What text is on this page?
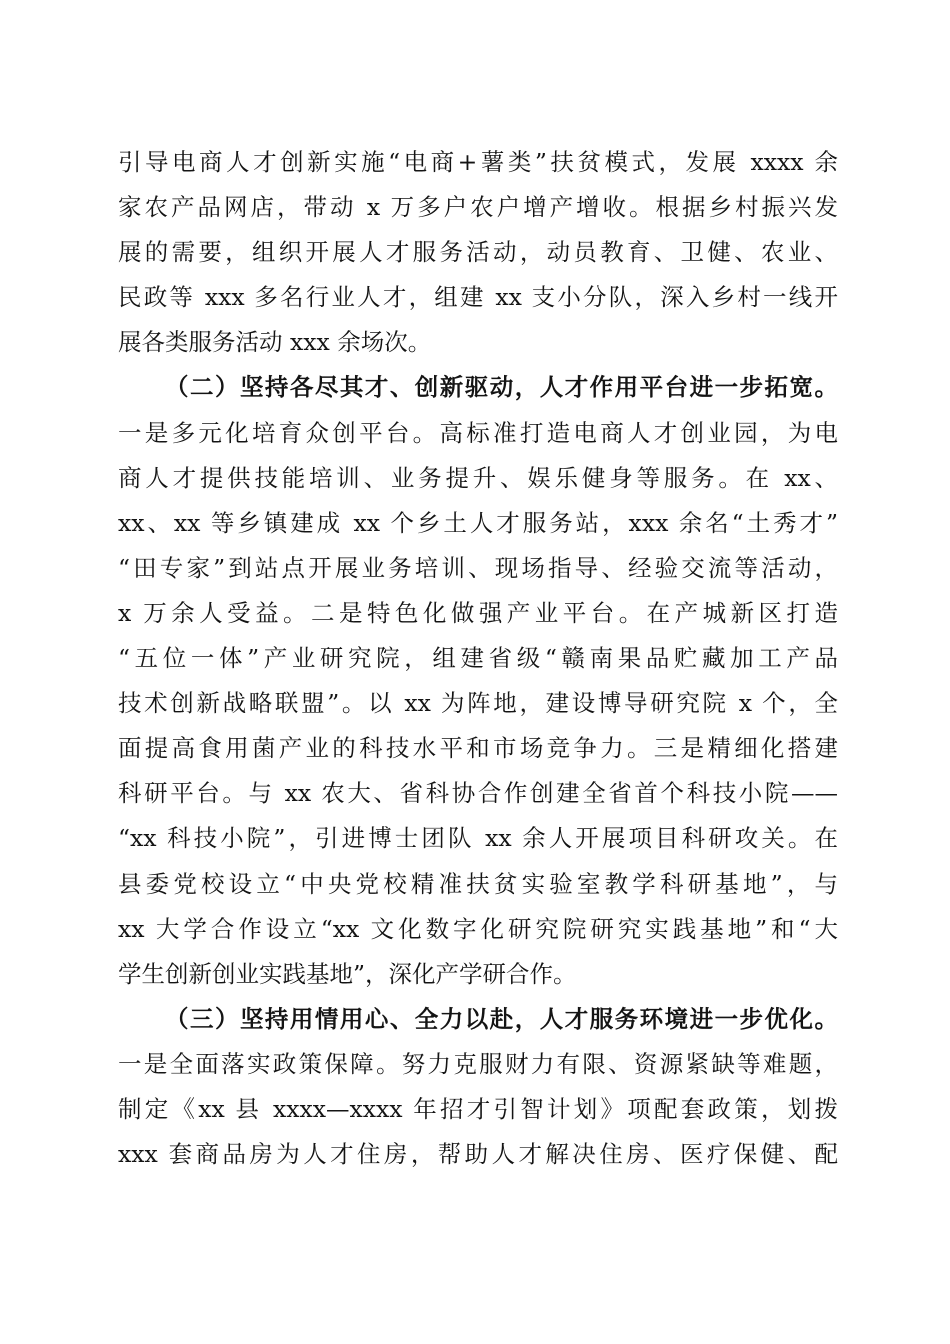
引导电商人才创新实施“电商+薯类”扶贫模式，发展 xxxx 余
家农产品网店，带动 x 万多户农户增产增收。根据乡村振兴发
展的需要，组织开展人才服务活动，动员教育、卫健、农业、
民政等 xxx 多名行业人才，组建 xx 支小分队，深入乡村一线开
展各类服务活动 xxx 余场次。
（二）坚持各尽其才、创新驱动，人才作用平台进一步拓宽。
一是多元化培育众创平台。高标准打造电商人才创业园，为电
商人才提供技能培训、业务提升、娱乐健身等服务。在 xx、
xx、xx 等乡镇建成 xx 个乡土人才服务站，xxx 余名“土秀才”
“田专家”到站点开展业务培训、现场指导、经验交流等活动，
x 万余人受益。二是特色化做强产业平台。在产城新区打造
“五位一体”产业研究院，组建省级“赣南果品贮藏加工产品
技术创新战略联盟”。以 xx 为阵地，建设博导研究院 x 个，全
面提高食用菌产业的科技水平和市场竞争力。三是精细化搭建
科研平台。与 xx 农大、省科协合作创建全省首个科技小院——
“xx 科技小院”，引进博士团队 xx 余人开展项目科研攻关。在
县委党校设立“中央党校精准扶贫实验室教学科研基地”，与
xx 大学合作设立“xx 文化数字化研究院研究实践基地”和“大
学生创新创业实践基地”，深化产学研合作。
（三）坚持用情用心、全力以赴，人才服务环境进一步优化。
一是全面落实政策保障。努力克服财力有限、资源紧缺等难题，
制定《xx 县 xxxx—xxxx 年招才引智计划》项配套政策，划拨
xxx 套商品房为人才住房，帮助人才解决住房、医疗保健、配
